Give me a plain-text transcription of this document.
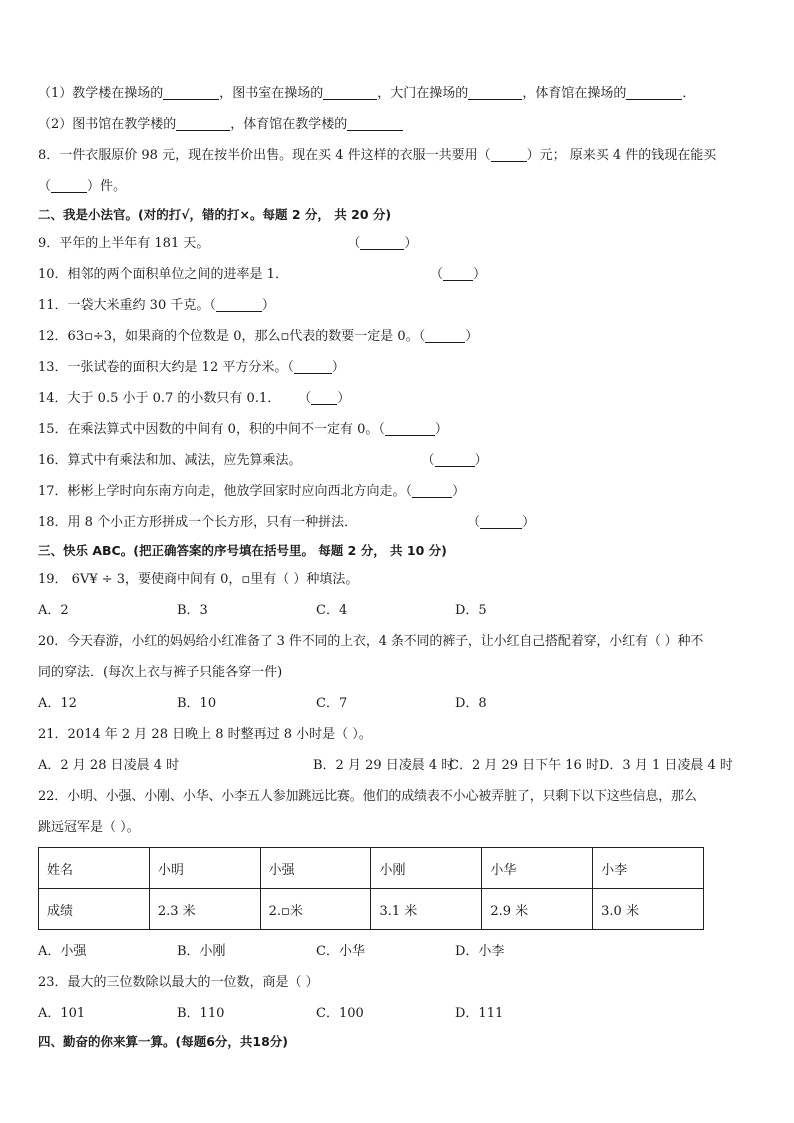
（1）教学楼在操场的	，图书室在操场的	，大门在操场的	，体育馆在操场的	．
（2）图书馆在教学楼的	，体育馆在教学楼的
8．一件衣服原价 98 元，现在按半价出售。现在买 4 件这样的衣服一共要用（	）元； 原来买 4 件的钱现在能买
（	）件。
二、我是小法官。(对的打√，错的打×。每题 2 分， 共 20 分)
9．平年的上半年有 181 天。	（	）
10．相邻的两个面积单位之间的进率是 1．	（ ）
11．一袋大米重约 30 千克。（	）
12．63▫÷3，如果商的个位数是 0，那么▫代表的数要一定是 0。（	）
13．一张试卷的面积大约是 12 平方分米。（	）
14．大于 0.5 小于 0.7 的小数只有 0.1． （ ）
15．在乘法算式中因数的中间有 0，积的中间不一定有 0。（	）
16．算式中有乘法和加、减法，应先算乘法。	（	）
17．彬彬上学时向东南方向走，他放学回家时应向西北方向走。（	）
18．用 8 个小正方形拼成一个长方形，只有一种拼法．	（	）
三、快乐 ABC。(把正确答案的序号填在括号里。 每题 2 分， 共 10 分)
19． 6V¥ ÷ 3，要使商中间有 0，▫里有（ ）种填法。
A．2	B．3	C．4	D．5
20．今天春游，小红的妈妈给小红准备了 3 件不同的上衣，4 条不同的裤子，让小红自己搭配着穿，小红有（ ）种不
同的穿法．(每次上衣与裤子只能各穿一件)
A．12	B．10	C．7	D．8
21．2014 年 2 月 28 日晚上 8 时整再过 8 小时是（ ）。
A．2 月 28 日凌晨 4 时	B．2 月 29 日凌晨 4 时
C．2 月 29 日下午 16 时 D．3 月 1 日凌晨 4 时
22．小明、小强、小刚、小华、小李五人参加跳远比赛。他们的成绩表不小心被弄脏了，只剩下以下这些信息，那么
跳远冠军是（ ）。
姓名	小明	小强	小刚	小华	小李
成绩	2.3 米	2.▫米	3.1 米	2.9 米	3.0 米
A．小强	B．小刚	C．小华	D．小李
23．最大的三位数除以最大的一位数，商是（ ）
A．101	B．110	C．100	D．111
四、勤奋的你来算一算。(每题6分，共18分)
